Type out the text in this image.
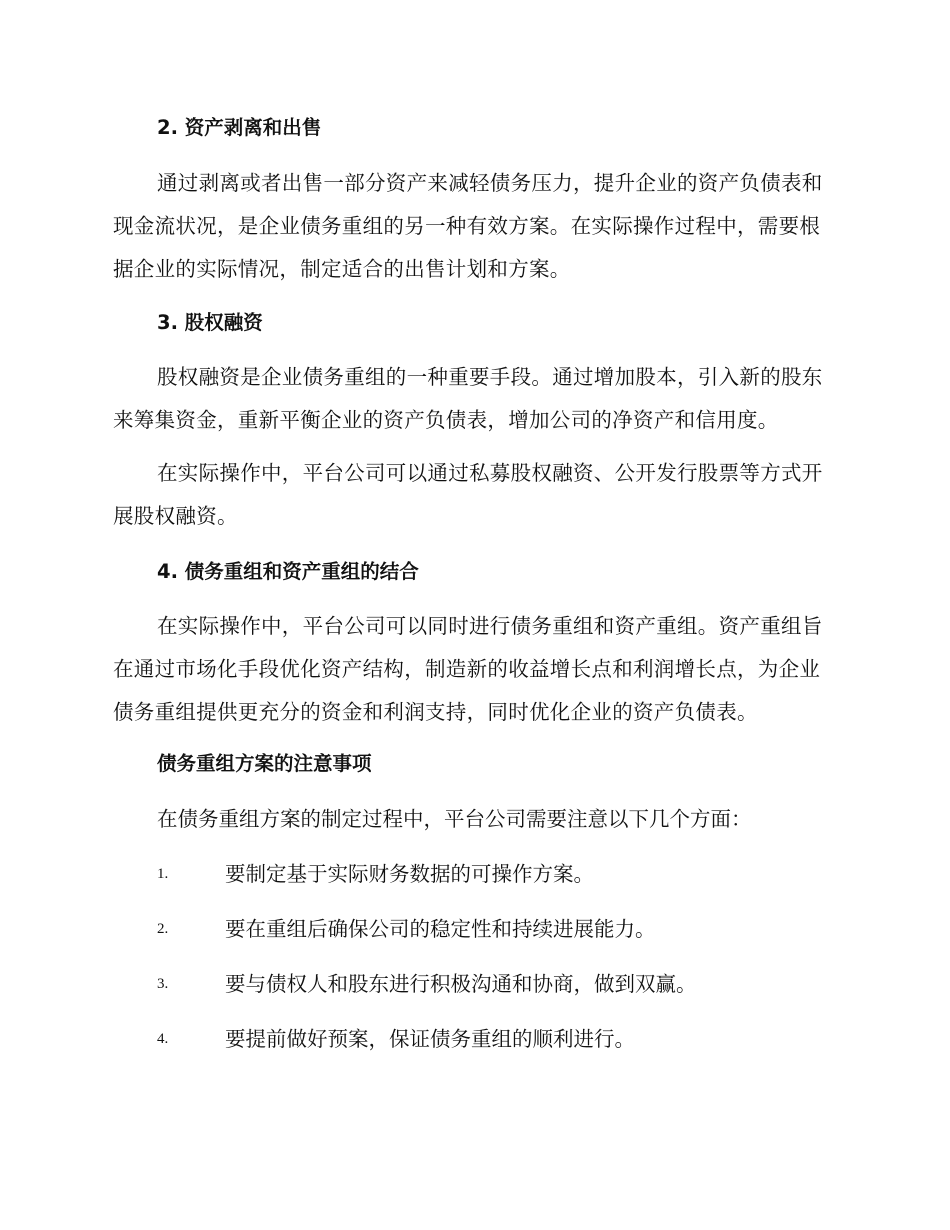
2. 资产剥离和出售

通过剥离或者出售一部分资产来减轻债务压力，提升企业的资产负债表和现金流状况，是企业债务重组的另一种有效方案。在实际操作过程中，需要根据企业的实际情况，制定适合的出售计划和方案。

3. 股权融资

股权融资是企业债务重组的一种重要手段。通过增加股本，引入新的股东来筹集资金，重新平衡企业的资产负债表，增加公司的净资产和信用度。

在实际操作中，平台公司可以通过私募股权融资、公开发行股票等方式开展股权融资。

4. 债务重组和资产重组的结合

在实际操作中，平台公司可以同时进行债务重组和资产重组。资产重组旨在通过市场化手段优化资产结构，制造新的收益增长点和利润增长点，为企业债务重组提供更充分的资金和利润支持，同时优化企业的资产负债表。

债务重组方案的注意事项

在债务重组方案的制定过程中，平台公司需要注意以下几个方面：

1.	要制定基于实际财务数据的可操作方案。
2.	要在重组后确保公司的稳定性和持续进展能力。
3.	要与债权人和股东进行积极沟通和协商，做到双赢。
4.	要提前做好预案，保证债务重组的顺利进行。
